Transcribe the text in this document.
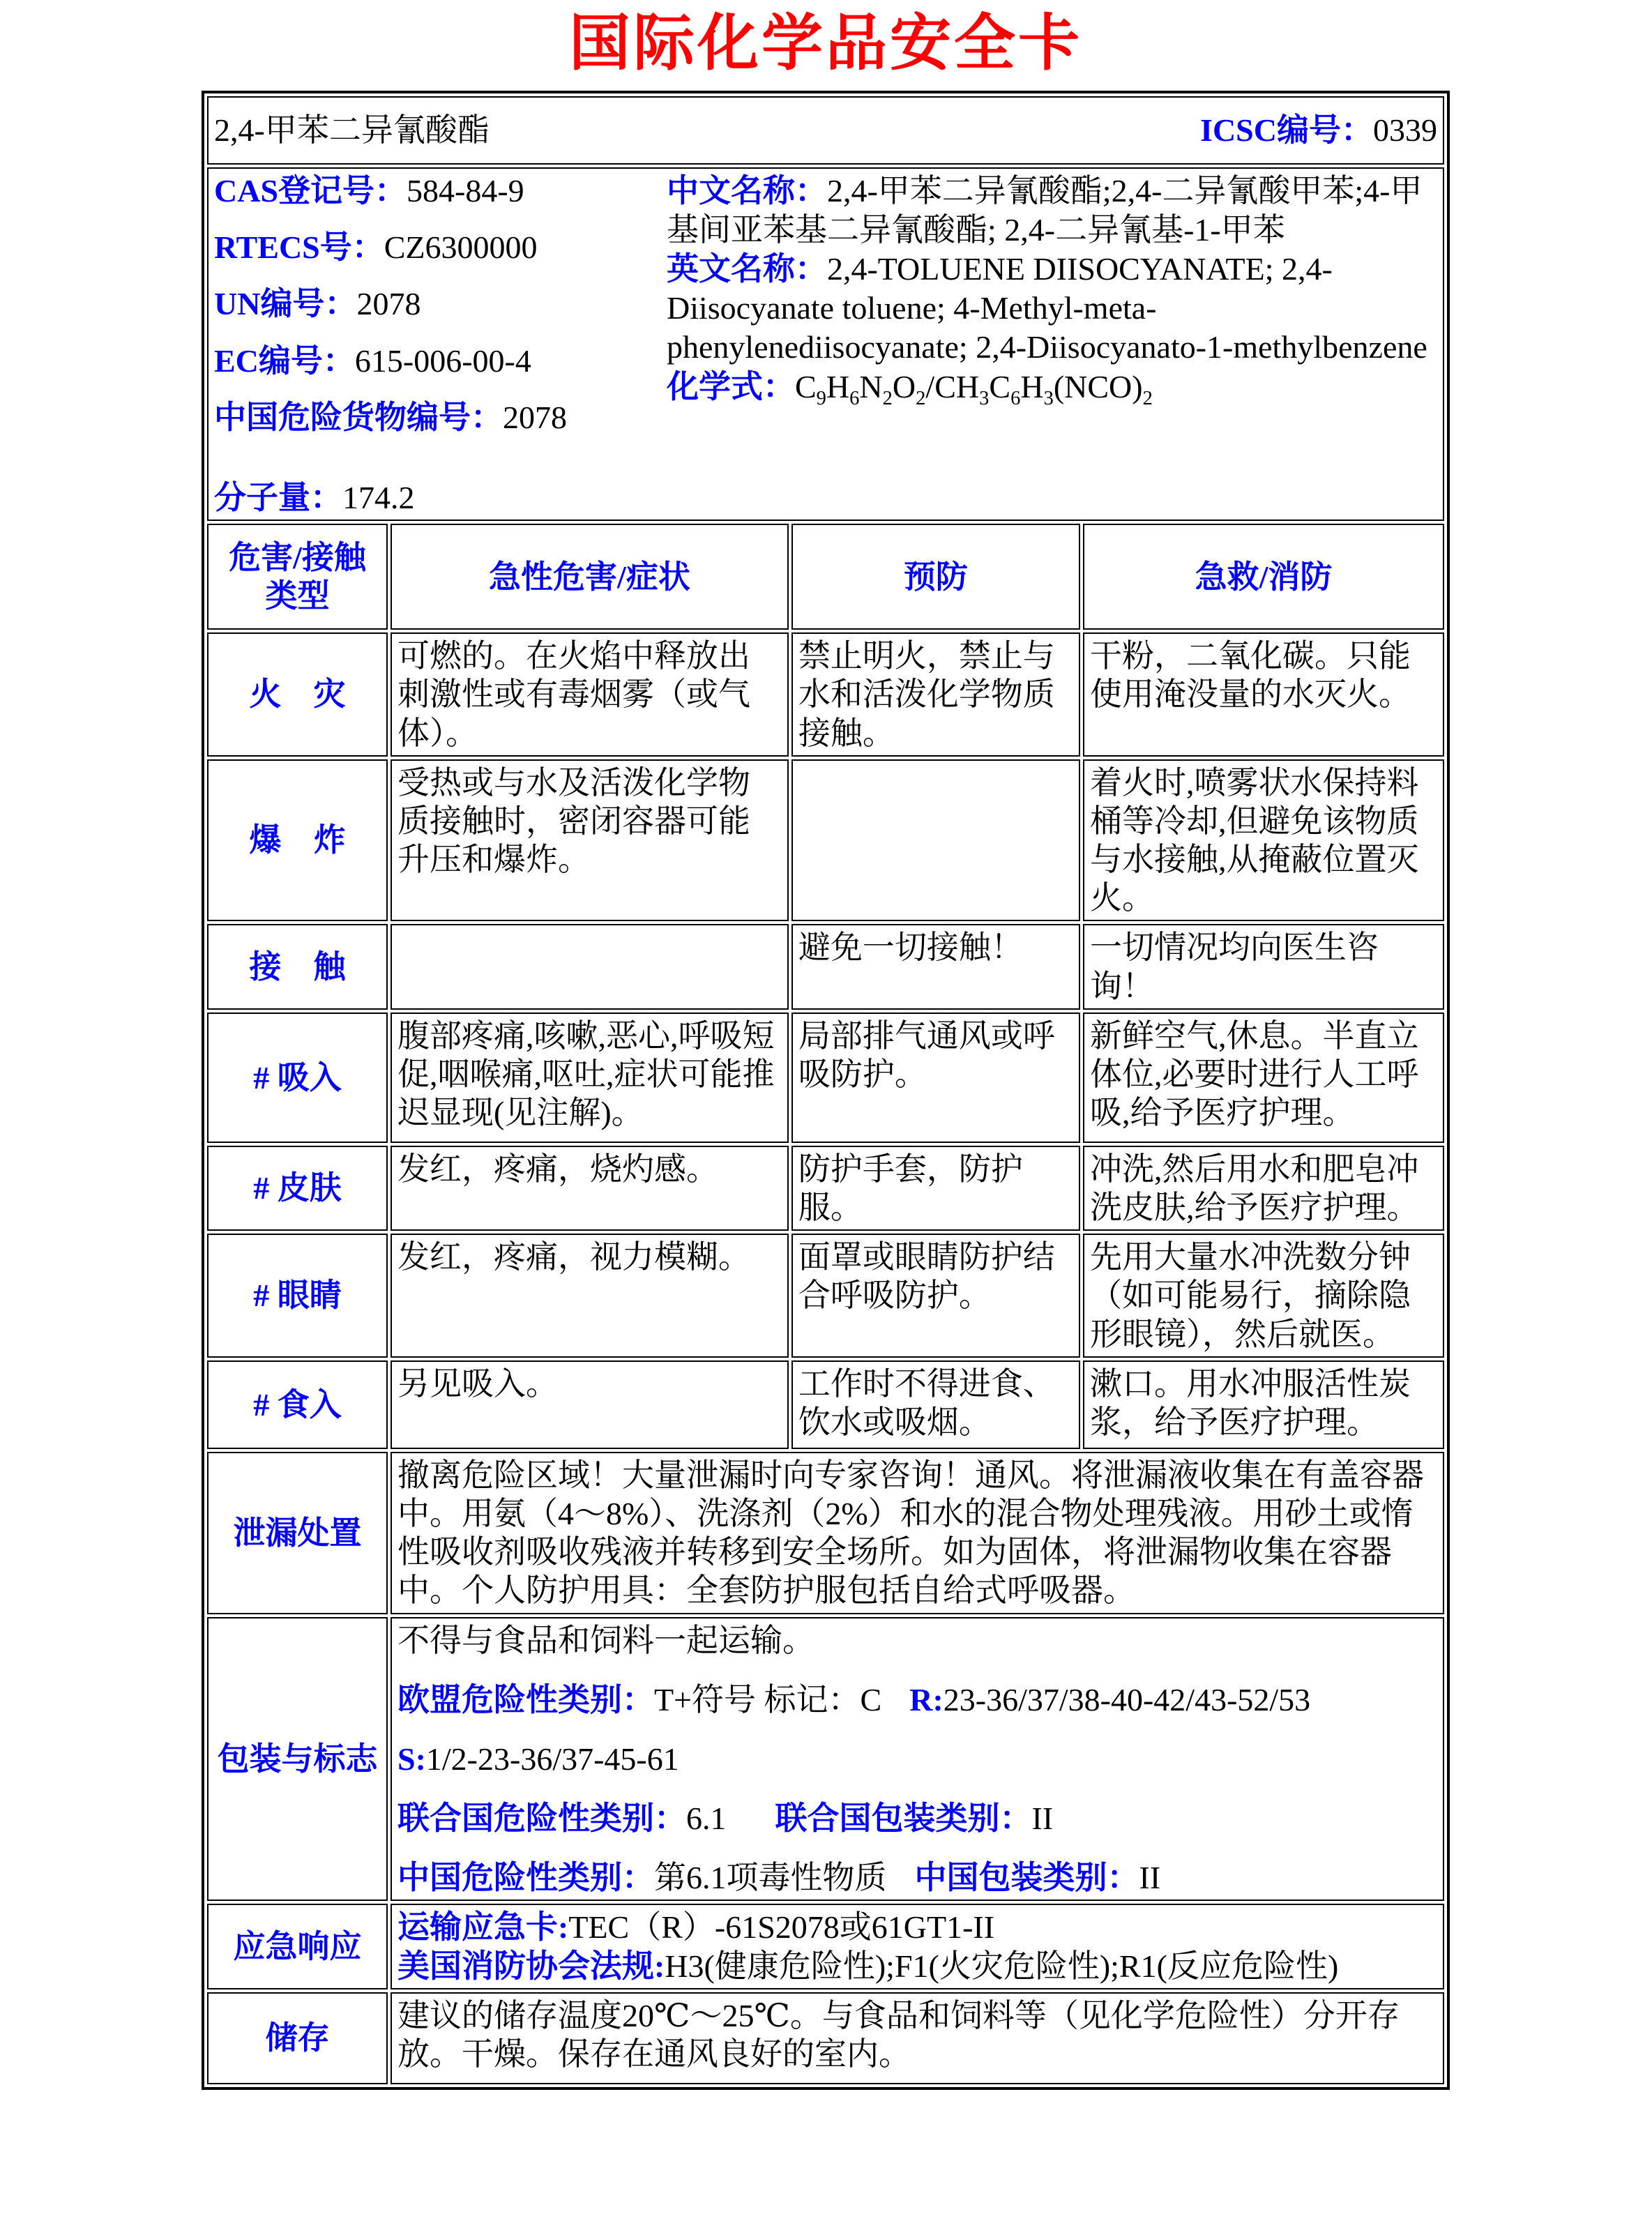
国际化学品安全卡
2,4-甲苯二异氰酸酯 ICSC编号：0339			

CAS登记号：584-84-9
RTECS号：CZ6300000
UN编号：2078
EC编号：615-006-00-4
中国危险货物编号：2078
分子量：174.2
中文名称：2,4-甲苯二异氰酸酯;2,4-二异氰酸甲苯;4-甲基间亚苯基二异氰酸酯; 2,4-二异氰基-1-甲苯
英文名称：2,4-TOLUENE DIISOCYANATE; 2,4-Diisocyanate toluene; 4-Methyl-meta-phenylenediisocyanate; 2,4-Diisocyanato-1-methylbenzene
化学式：$C_9H_6N_2O_2/CH_3C_6H_3(NCO)_2$

危害/接触类型	急性危害/症状	预防	急救/消防
火　灾	可燃的。在火焰中释放出刺激性或有毒烟雾（或气体）。	禁止明火，禁止与水和活泼化学物质接触。	干粉，二氧化碳。只能使用淹没量的水灭火。
爆　炸	受热或与水及活泼化学物质接触时，密闭容器可能升压和爆炸。		着火时,喷雾状水保持料桶等冷却,但避免该物质与水接触,从掩蔽位置灭火。
接　触		避免一切接触！	一切情况均向医生咨询！
# 吸入	腹部疼痛,咳嗽,恶心,呼吸短促,咽喉痛,呕吐,症状可能推迟显现(见注解)。	局部排气通风或呼吸防护。	新鲜空气,休息。半直立体位,必要时进行人工呼吸,给予医疗护理。
# 皮肤	发红，疼痛，烧灼感。	防护手套，防护服。	冲洗,然后用水和肥皂冲洗皮肤,给予医疗护理。
# 眼睛	发红，疼痛，视力模糊。	面罩或眼睛防护结合呼吸防护。	先用大量水冲洗数分钟（如可能易行，摘除隐形眼镜），然后就医。
# 食入	另见吸入。	工作时不得进食、饮水或吸烟。	漱口。用水冲服活性炭浆，给予医疗护理。
泄漏处置	撤离危险区域！大量泄漏时向专家咨询！通风。将泄漏液收集在有盖容器中。用氨（4～8%）、洗涤剂（2%）和水的混合物处理残液。用砂土或惰性吸收剂吸收残液并转移到安全场所。如为固体，将泄漏物收集在容器中。个人防护用具：全套防护服包括自给式呼吸器。		
包装与标志	不得与食品和饲料一起运输。
欧盟危险性类别：T+符号 标记：C R:23-36/37/38-40-42/43-52/53
S:1/2-23-36/37-45-61
联合国危险性类别：6.1 联合国包装类别：II
中国危险性类别：第6.1项毒性物质 中国包装类别：II		

应急响应	运输应急卡:TEC（R）-61S2078或61GT1-II
美国消防协会法规:H3(健康危险性);F1(火灾危险性);R1(反应危险性)		

储存	建议的储存温度20℃～25℃。与食品和饲料等（见化学危险性）分开存放。干燥。保存在通风良好的室内。		
